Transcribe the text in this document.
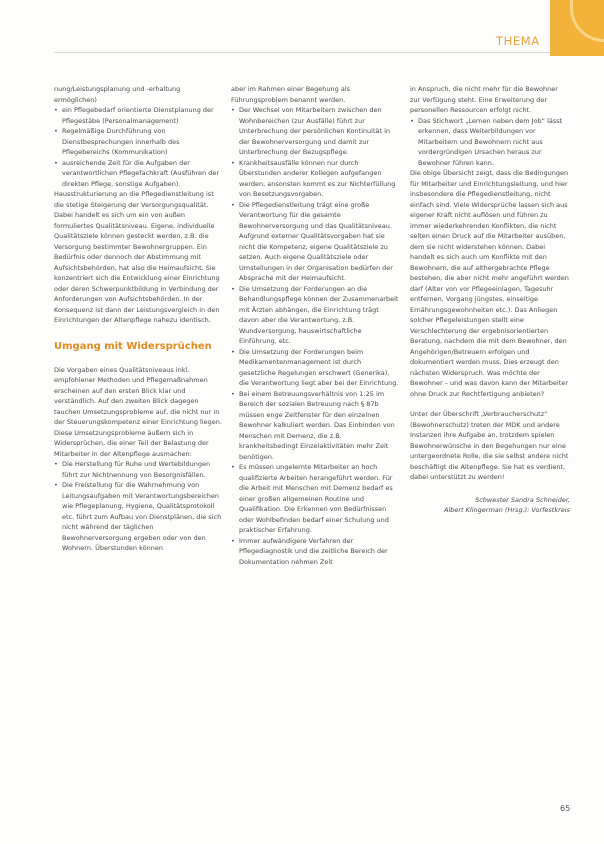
THEMA

nung/Leistungsplanung und -erhaltung ermöglichen)

• ein Pflegebedarf orientierte Dienstplanung der Pflegestäbe (Personalmanagement)
• Regelmäßige Durchführung von Dienstbesprechungen innerhalb des Pflegebereichs (Kommunikation)
• ausreichende Zeit für die Aufgaben der verantwortlichen Pflegefachkraft (Ausführen der direkten Pflege, sonstige Aufgaben).

Hausstrukturierung an die Pflegedienstleitung ist die stetige Steigerung der Versorgungsqualität. Dabei handelt es sich um ein von außen formuliertes Qualitätsniveau. Eigene, individuelle Qualitätsziele können gesteckt werden, z.B. die Versorgung bestimmter Bewohnergruppen. Ein Bedürfnis oder dennoch der Abstimmung mit Aufsichtsbehörden, hat also die Heimaufsicht. Sie konzentriert sich die Entwicklung einer Einrichtung oder deren Schwerpunktbildung in Verbindung der Anforderungen von Aufsichtsbehörden. In der Konsequenz ist dann der Leistungsvergleich in den Einrichtungen der Altenpflege nahezu identisch.

Umgang mit Widersprüchen

Die Vorgaben eines Qualitätsniveaus inkl. empfohlener Methoden und Pflegemaßnahmen erscheinen auf den ersten Blick klar und verständlich. Auf den zweiten Blick dagegen tauchen Umsetzungsprobleme auf, die nicht nur in der Steuerungskompetenz einer Einrichtung liegen. Diese Umsetzungsprobleme äußern sich in Widersprüchen, die einer Teil der Belastung der Mitarbeiter in der Altenpflege ausmachen:

• Die Herstellung für Ruhe und Wertebildungen führt zur Nichtnennung von Besorgnisfällen.
• Die Freistellung für die Wahrnehmung von Leitungsaufgaben mit Verantwortungsbereichen wie Pflegeplanung, Hygiene, Qualitätsprotokoll etc. führt zum Aufbau von Dienstplänen, die sich nicht während der täglichen Bewohnerversorgung ergeben oder von den Wohnern. Überstunden können

aber im Rahmen einer Begehung als Führungsproblem benannt werden.

• Der Wechsel von Mitarbeitern zwischen den Wohnbereichen (zur Ausfälle) führt zur Unterbrechung der persönlichen Kontinuität in der Bewohnerversorgung und damit zur Unterbrechung der Bezugspflege.
• Krankheitsausfälle können nur durch Überstunden anderer Kollegen aufgefangen werden, ansonsten kommt es zur Nichterfüllung von Besetzungsvorgaben.
• Die Pflegedienstleitung trägt eine große Verantwortung für die gesamte Bewohnerversorgung und das Qualitätsniveau. Aufgrund externer Qualitätsvorgaben hat sie nicht die Kompetenz, eigene Qualitätsziele zu setzen. Auch eigene Qualitätsziele oder Umstellungen in der Organisation bedürfen der Absprache mit der Heimaufsicht.
• Die Umsetzung der Forderungen an die Behandlungspflege können der Zusammenarbeit mit Ärzten abhängen, die Einrichtung trägt davon aber die Verantwortung, z.B. Wundversorgung, hauswirtschaftliche Einführung, etc.
• Die Umsetzung der Forderungen beim Medikamentenmanagement ist durch gesetzliche Regelungen erschwert (Generika), die Verantwortung liegt aber bei der Einrichtung.
• Bei einem Betreuungsverhältnis von 1:25 im Bereich der sozialen Betreuung nach § 87b müssen enge Zeitfenster für den einzelnen Bewohner kalkuliert werden. Das Einbinden von Menschen mit Demenz, die z.B. krankheitsbedingt Einzelaktivitäten mehr Zeit benötigen.
• Es müssen ungelernte Mitarbeiter an hoch qualifizierte Arbeiten herangeführt werden. Für die Arbeit mit Menschen mit Demenz bedarf es einer großen allgemeinen Routine und Qualifikation. Die Erkennen von Bedürfnissen oder Wohlbefinden bedarf einer Schulung und praktischer Erfahrung.
• Immer aufwändigere Verfahren der Pflegediagnostik und die zeitliche Bereich der Dokumentation nehmen Zeit

in Anspruch, die nicht mehr für die Bewohner zur Verfügung steht. Eine Erweiterung der personellen Ressourcen erfolgt nicht.

• Das Stichwort „Lernen neben dem Job“ lässt erkennen, dass Weiterbildungen vor Mitarbeitern und Bewohnern nicht aus vordergründigen Ursachen heraus zur Bewohner führen kann.

Die obige Übersicht zeigt, dass die Bedingungen für Mitarbeiter und Einrichtungsleitung, und hier insbesondere die Pflegedienstleitung, nicht einfach sind. Viele Widersprüche lassen sich aus eigener Kraft nicht auflösen und führen zu immer wiederkehrenden Konflikten, die nicht selten einen Druck auf die Mitarbeiter ausüben, dem sie nicht widerstehen können. Dabei handelt es sich auch um Konflikte mit den Bewohnern, die auf althergebrachte Pflege bestehen, die aber nicht mehr angeführt werden darf (Alter von vor Pflegeeinlagen, Tagesuhr entfernen, Vorgang jüngstes, einseitige Ernährungsgewohnheiten etc.). Das Anliegen solcher Pflegeleistungen stellt eine Verschlechterung der ergebnisorientierten Beratung, nachdem die mit dem Bewohner, den Angehörigen/Betreuern erfolgen und dokumentiert werden muss. Dies erzeugt den nächsten Widerspruch. Was möchte der Bewohner – und was davon kann der Mitarbeiter ohne Druck zur Rechtfertigung anbieten?

Unter der Überschrift „Verbraucherschutz“ (Bewohnerschutz) treten der MDK und andere Instanzen ihre Aufgabe an, trotzdem spielen Bewohnerwünsche in den Begehungen nur eine untergeordnete Rolle, die sie selbst andere nicht beschäftigt die Altenpflege. Sie hat es verdient, dabei unterstützt zu werden!

Schwester Sandra Schneider,
Albert Klingerman (Hrsg.): Vorfestkreis
65
